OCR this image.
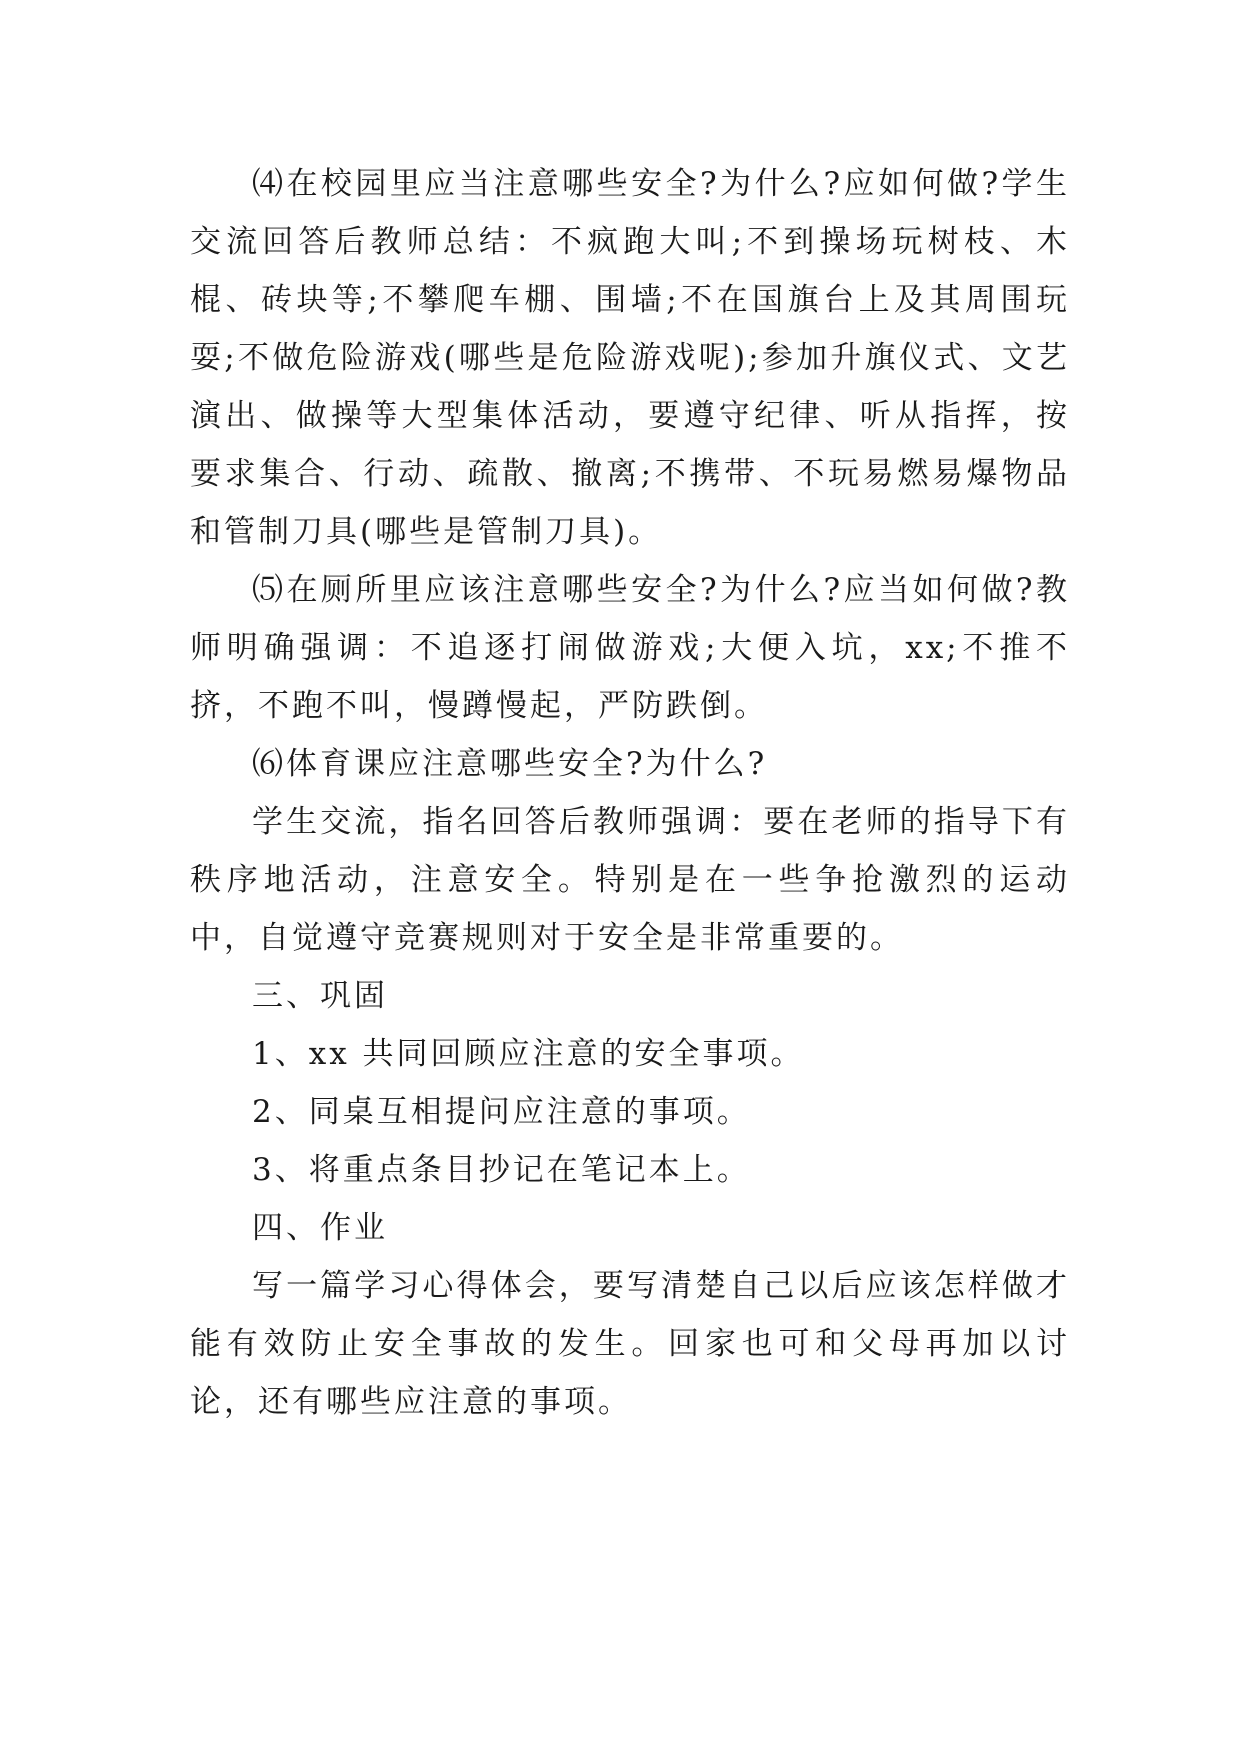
⑷在校园里应当注意哪些安全?为什么?应如何做?学生交流回答后教师总结：不疯跑大叫;不到操场玩树枝、木棍、砖块等;不攀爬车棚、围墙;不在国旗台上及其周围玩耍;不做危险游戏(哪些是危险游戏呢);参加升旗仪式、文艺演出、做操等大型集体活动，要遵守纪律、听从指挥，按要求集合、行动、疏散、撤离;不携带、不玩易燃易爆物品和管制刀具(哪些是管制刀具)。

⑸在厕所里应该注意哪些安全?为什么?应当如何做?教师明确强调：不追逐打闹做游戏;大便入坑，xx;不推不挤，不跑不叫，慢蹲慢起，严防跌倒。

⑹体育课应注意哪些安全?为什么?

学生交流，指名回答后教师强调：要在老师的指导下有秩序地活动，注意安全。特别是在一些争抢激烈的运动中，自觉遵守竞赛规则对于安全是非常重要的。

三、巩固

1、xx 共同回顾应注意的安全事项。

2、同桌互相提问应注意的事项。

3、将重点条目抄记在笔记本上。

四、作业

写一篇学习心得体会，要写清楚自己以后应该怎样做才能有效防止安全事故的发生。回家也可和父母再加以讨论，还有哪些应注意的事项。
